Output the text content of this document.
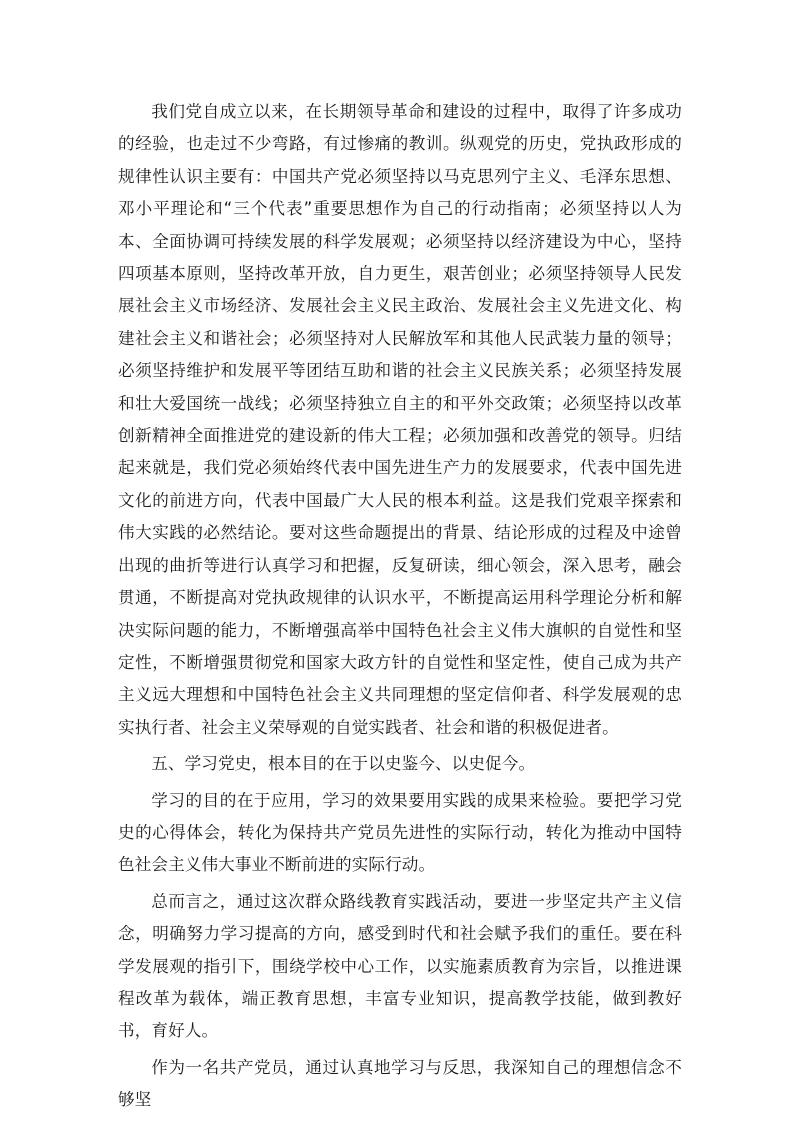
我们党自成立以来，在长期领导革命和建设的过程中，取得了许多成功的经验，也走过不少弯路，有过惨痛的教训。纵观党的历史，党执政形成的规律性认识主要有：中国共产党必须坚持以马克思列宁主义、毛泽东思想、邓小平理论和“三个代表”重要思想作为自己的行动指南；必须坚持以人为本、全面协调可持续发展的科学发展观；必须坚持以经济建设为中心，坚持四项基本原则，坚持改革开放，自力更生，艰苦创业；必须坚持领导人民发展社会主义市场经济、发展社会主义民主政治、发展社会主义先进文化、构建社会主义和谐社会；必须坚持对人民解放军和其他人民武装力量的领导；必须坚持维护和发展平等团结互助和谐的社会主义民族关系；必须坚持发展和壮大爱国统一战线；必须坚持独立自主的和平外交政策；必须坚持以改革创新精神全面推进党的建设新的伟大工程；必须加强和改善党的领导。归结起来就是，我们党必须始终代表中国先进生产力的发展要求，代表中国先进文化的前进方向，代表中国最广大人民的根本利益。这是我们党艰辛探索和伟大实践的必然结论。要对这些命题提出的背景、结论形成的过程及中途曾出现的曲折等进行认真学习和把握，反复研读，细心领会，深入思考，融会贯通，不断提高对党执政规律的认识水平，不断提高运用科学理论分析和解决实际问题的能力，不断增强高举中国特色社会主义伟大旗帜的自觉性和坚定性，不断增强贯彻党和国家大政方针的自觉性和坚定性，使自己成为共产主义远大理想和中国特色社会主义共同理想的坚定信仰者、科学发展观的忠实执行者、社会主义荣辱观的自觉实践者、社会和谐的积极促进者。

五、学习党史，根本目的在于以史鉴今、以史促今。

学习的目的在于应用，学习的效果要用实践的成果来检验。要把学习党史的心得体会，转化为保持共产党员先进性的实际行动，转化为推动中国特色社会主义伟大事业不断前进的实际行动。

总而言之，通过这次群众路线教育实践活动，要进一步坚定共产主义信念，明确努力学习提高的方向，感受到时代和社会赋予我们的重任。要在科学发展观的指引下，围绕学校中心工作，以实施素质教育为宗旨，以推进课程改革为载体，端正教育思想，丰富专业知识，提高教学技能，做到教好书，育好人。

作为一名共产党员，通过认真地学习与反思，我深知自己的理想信念不够坚
